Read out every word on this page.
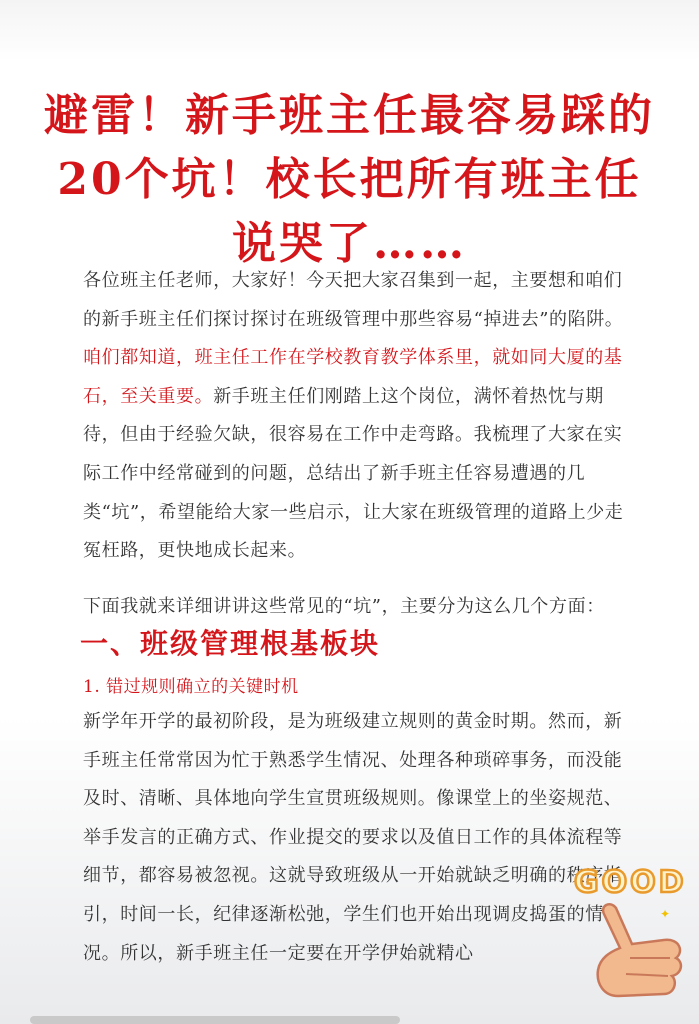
避雷！新手班主任最容易踩的20个坑！校长把所有班主任说哭了……
各位班主任老师，大家好！今天把大家召集到一起，主要想和咱们的新手班主任们探讨探讨在班级管理中那些容易“掉进去”的陷阱。咱们都知道，班主任工作在学校教育教学体系里，就如同大厦的基石，至关重要。新手班主任们刚踏上这个岗位，满怀着热忱与期待，但由于经验欠缺，很容易在工作中走弯路。我梳理了大家在实际工作中经常碰到的问题，总结出了新手班主任容易遭遇的几类“坑”，希望能给大家一些启示，让大家在班级管理的道路上少走冤枉路，更快地成长起来。
下面我就来详细讲讲这些常见的“坑”，主要分为这么几个方面：
一、班级管理根基板块
1. 错过规则确立的关键时机
新学年开学的最初阶段，是为班级建立规则的黄金时期。然而，新手班主任常常因为忙于熟悉学生情况、处理各种琐碎事务，而没能及时、清晰、具体地向学生宣贯班级规则。像课堂上的坐姿规范、举手发言的正确方式、作业提交的要求以及值日工作的具体流程等细节，都容易被忽视。这就导致班级从一开始就缺乏明确的秩序指引，时间一长，纪律逐渐松弛，学生们也开始出现调皮捣蛋的情况。所以，新手班主任一定要在开学伊始就精心
GOOD
✦
